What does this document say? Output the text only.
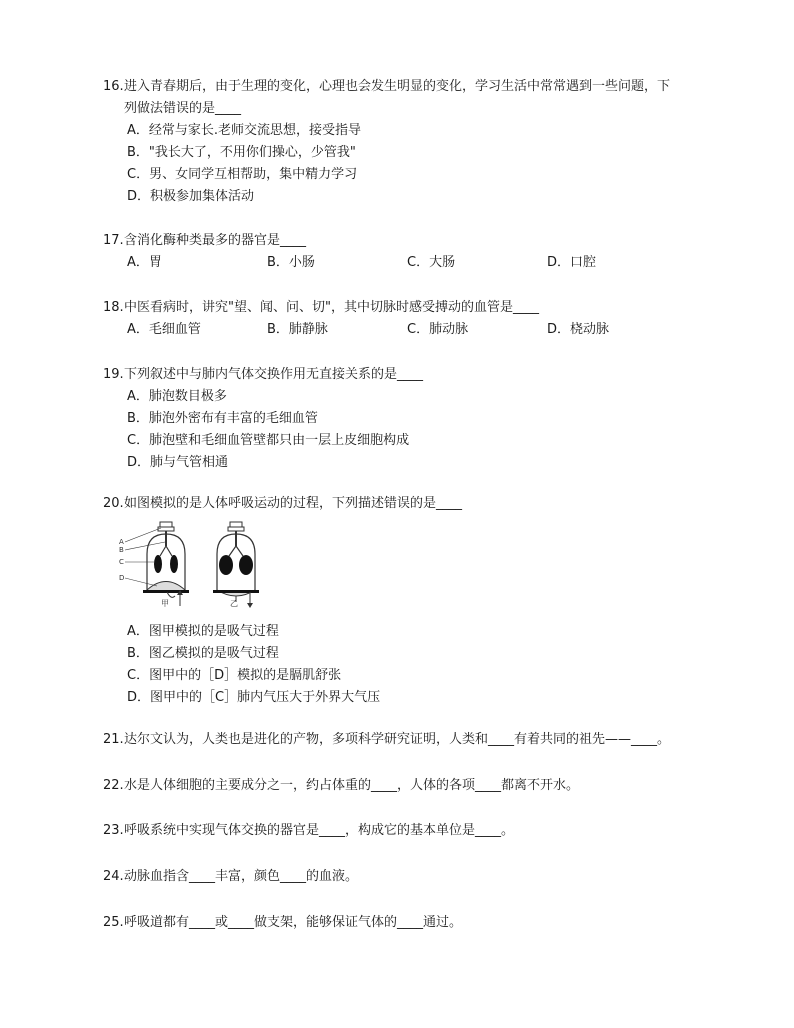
16.进入青春期后，由于生理的变化，心理也会发生明显的变化，学习生活中常常遇到一些问题，下
列做法错误的是____
A．经常与家长.老师交流思想，接受指导
B．"我长大了，不用你们操心，少管我"
C．男、女同学互相帮助，集中精力学习
D．积极参加集体活动
17.含消化酶种类最多的器官是____
A．胃	B．小肠	C．大肠	D．口腔
18.中医看病时，讲究"望、闻、问、切"，其中切脉时感受搏动的血管是____
A．毛细血管	B．肺静脉	C．肺动脉	D．桡动脉
19.下列叙述中与肺内气体交换作用无直接关系的是____
A．肺泡数目极多
B．肺泡外密布有丰富的毛细血管
C．肺泡壁和毛细血管壁都只由一层上皮细胞构成
D．肺与气管相通
20.如图模拟的是人体呼吸运动的过程，下列描述错误的是____
A
B
C
D
甲	乙
A．图甲模拟的是吸气过程
B．图乙模拟的是吸气过程
C．图甲中的［D］模拟的是膈肌舒张
D．图甲中的［C］肺内气压大于外界大气压
21.达尔文认为，人类也是进化的产物，多项科学研究证明，人类和____有着共同的祖先——____。
22.水是人体细胞的主要成分之一，约占体重的____，人体的各项____都离不开水。
23.呼吸系统中实现气体交换的器官是____，构成它的基本单位是____。
24.动脉血指含____丰富，颜色____的血液。
25.呼吸道都有____或____做支架，能够保证气体的____通过。
